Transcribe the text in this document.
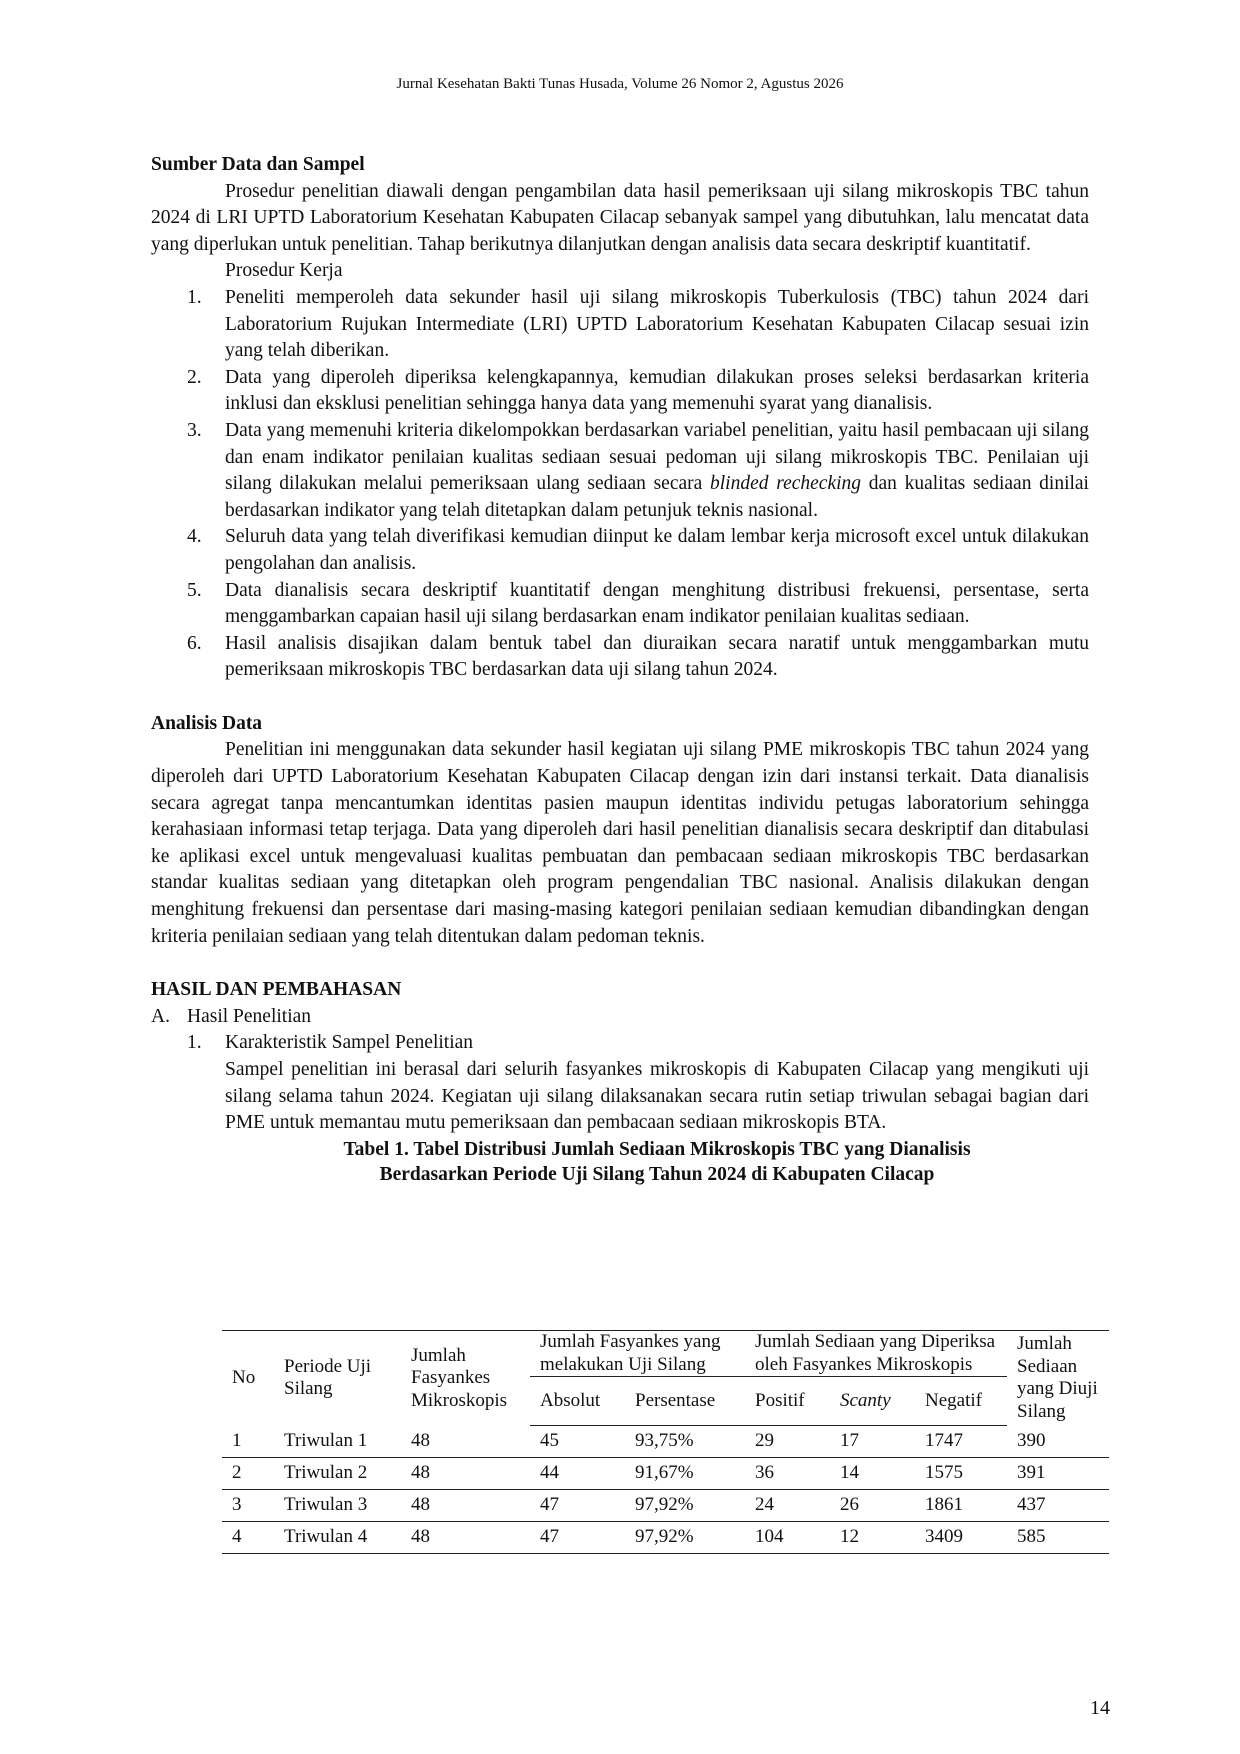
Jurnal Kesehatan Bakti Tunas Husada, Volume 26 Nomor 2, Agustus 2026
Sumber Data dan Sampel
Prosedur penelitian diawali dengan pengambilan data hasil pemeriksaan uji silang mikroskopis TBC tahun 2024 di LRI UPTD Laboratorium Kesehatan Kabupaten Cilacap sebanyak sampel yang dibutuhkan, lalu mencatat data yang diperlukan untuk penelitian. Tahap berikutnya dilanjutkan dengan analisis data secara deskriptif kuantitatif.
Prosedur Kerja
1. Peneliti memperoleh data sekunder hasil uji silang mikroskopis Tuberkulosis (TBC) tahun 2024 dari Laboratorium Rujukan Intermediate (LRI) UPTD Laboratorium Kesehatan Kabupaten Cilacap sesuai izin yang telah diberikan.
2. Data yang diperoleh diperiksa kelengkapannya, kemudian dilakukan proses seleksi berdasarkan kriteria inklusi dan eksklusi penelitian sehingga hanya data yang memenuhi syarat yang dianalisis.
3. Data yang memenuhi kriteria dikelompokkan berdasarkan variabel penelitian, yaitu hasil pembacaan uji silang dan enam indikator penilaian kualitas sediaan sesuai pedoman uji silang mikroskopis TBC. Penilaian uji silang dilakukan melalui pemeriksaan ulang sediaan secara blinded rechecking dan kualitas sediaan dinilai berdasarkan indikator yang telah ditetapkan dalam petunjuk teknis nasional.
4. Seluruh data yang telah diverifikasi kemudian diinput ke dalam lembar kerja microsoft excel untuk dilakukan pengolahan dan analisis.
5. Data dianalisis secara deskriptif kuantitatif dengan menghitung distribusi frekuensi, persentase, serta menggambarkan capaian hasil uji silang berdasarkan enam indikator penilaian kualitas sediaan.
6. Hasil analisis disajikan dalam bentuk tabel dan diuraikan secara naratif untuk menggambarkan mutu pemeriksaan mikroskopis TBC berdasarkan data uji silang tahun 2024.
Analisis Data
Penelitian ini menggunakan data sekunder hasil kegiatan uji silang PME mikroskopis TBC tahun 2024 yang diperoleh dari UPTD Laboratorium Kesehatan Kabupaten Cilacap dengan izin dari instansi terkait. Data dianalisis secara agregat tanpa mencantumkan identitas pasien maupun identitas individu petugas laboratorium sehingga kerahasiaan informasi tetap terjaga. Data yang diperoleh dari hasil penelitian dianalisis secara deskriptif dan ditabulasi ke aplikasi excel untuk mengevaluasi kualitas pembuatan dan pembacaan sediaan mikroskopis TBC berdasarkan standar kualitas sediaan yang ditetapkan oleh program pengendalian TBC nasional. Analisis dilakukan dengan menghitung frekuensi dan persentase dari masing-masing kategori penilaian sediaan kemudian dibandingkan dengan kriteria penilaian sediaan yang telah ditentukan dalam pedoman teknis.
HASIL DAN PEMBAHASAN
A. Hasil Penelitian
1. Karakteristik Sampel Penelitian
Sampel penelitian ini berasal dari selurih fasyankes mikroskopis di Kabupaten Cilacap yang mengikuti uji silang selama tahun 2024. Kegiatan uji silang dilaksanakan secara rutin setiap triwulan sebagai bagian dari PME untuk memantau mutu pemeriksaan dan pembacaan sediaan mikroskopis BTA.
Tabel 1. Tabel Distribusi Jumlah Sediaan Mikroskopis TBC yang Dianalisis
Berdasarkan Periode Uji Silang Tahun 2024 di Kabupaten Cilacap
No	Periode Uji Silang	Jumlah Fasyankes Mikroskopis	Jumlah Fasyankes yang melakukan Uji Silang		Jumlah Sediaan yang Diperiksa oleh Fasyankes Mikroskopis			Jumlah Sediaan yang Diuji Silang
			Absolut	Persentase	Positif	Scanty	Negatif	
1	Triwulan 1	48	45	93,75%	29	17	1747	390
2	Triwulan 2	48	44	91,67%	36	14	1575	391
3	Triwulan 3	48	47	97,92%	24	26	1861	437
4	Triwulan 4	48	47	97,92%	104	12	3409	585
14
